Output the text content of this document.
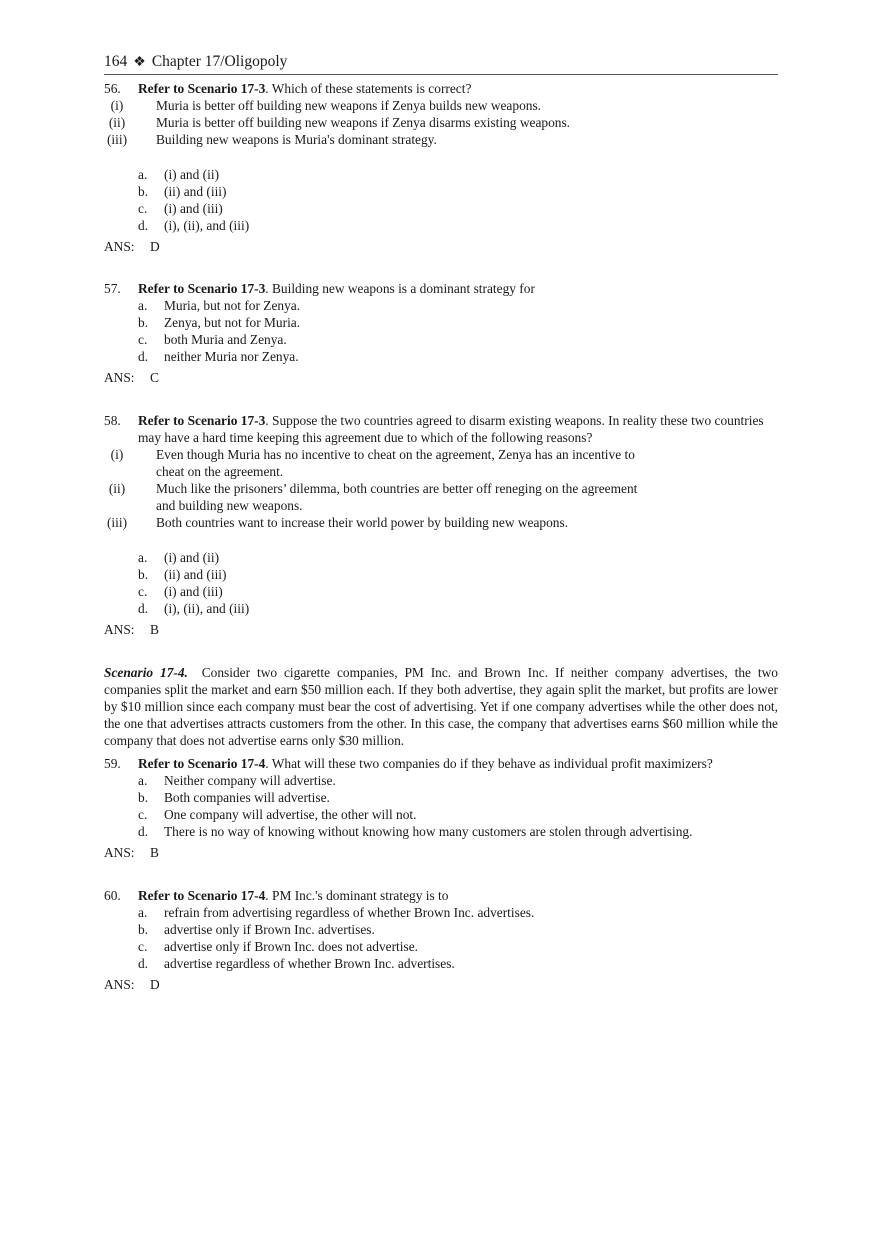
164 ❖ Chapter 17/Oligopoly
56. Refer to Scenario 17-3. Which of these statements is correct?
(i)	Muria is better off building new weapons if Zenya builds new weapons.
(ii)	Muria is better off building new weapons if Zenya disarms existing weapons.
(iii) Building new weapons is Muria's dominant strategy.
a. (i) and (ii)
b. (ii) and (iii)
c. (i) and (iii)
d. (i), (ii), and (iii)
ANS: D
57. Refer to Scenario 17-3. Building new weapons is a dominant strategy for
a. Muria, but not for Zenya.
b. Zenya, but not for Muria.
c. both Muria and Zenya.
d. neither Muria nor Zenya.
ANS: C
58. Refer to Scenario 17-3. Suppose the two countries agreed to disarm existing weapons. In reality these two countries may have a hard time keeping this agreement due to which of the following reasons?
(i)	Even though Muria has no incentive to cheat on the agreement, Zenya has an incentive to
cheat on the agreement.
(ii)	Much like the prisoners’ dilemma, both countries are better off reneging on the agreement
and building new weapons.
(iii) Both countries want to increase their world power by building new weapons.
a. (i) and (ii)
b. (ii) and (iii)
c. (i) and (iii)
d. (i), (ii), and (iii)
ANS: B
Scenario 17-4. Consider two cigarette companies, PM Inc. and Brown Inc. If neither company advertises, the two companies split the market and earn $50 million each. If they both advertise, they again split the market, but profits are lower by $10 million since each company must bear the cost of advertising. Yet if one company advertises while the other does not, the one that advertises attracts customers from the other. In this case, the company that advertises earns $60 million while the company that does not advertise earns only $30 million.
59. Refer to Scenario 17-4. What will these two companies do if they behave as individual profit maximizers?
a. Neither company will advertise.
b. Both companies will advertise.
c. One company will advertise, the other will not.
d. There is no way of knowing without knowing how many customers are stolen through advertising.
ANS: B
60. Refer to Scenario 17-4. PM Inc.'s dominant strategy is to
a. refrain from advertising regardless of whether Brown Inc. advertises.
b. advertise only if Brown Inc. advertises.
c. advertise only if Brown Inc. does not advertise.
d. advertise regardless of whether Brown Inc. advertises.
ANS: D
